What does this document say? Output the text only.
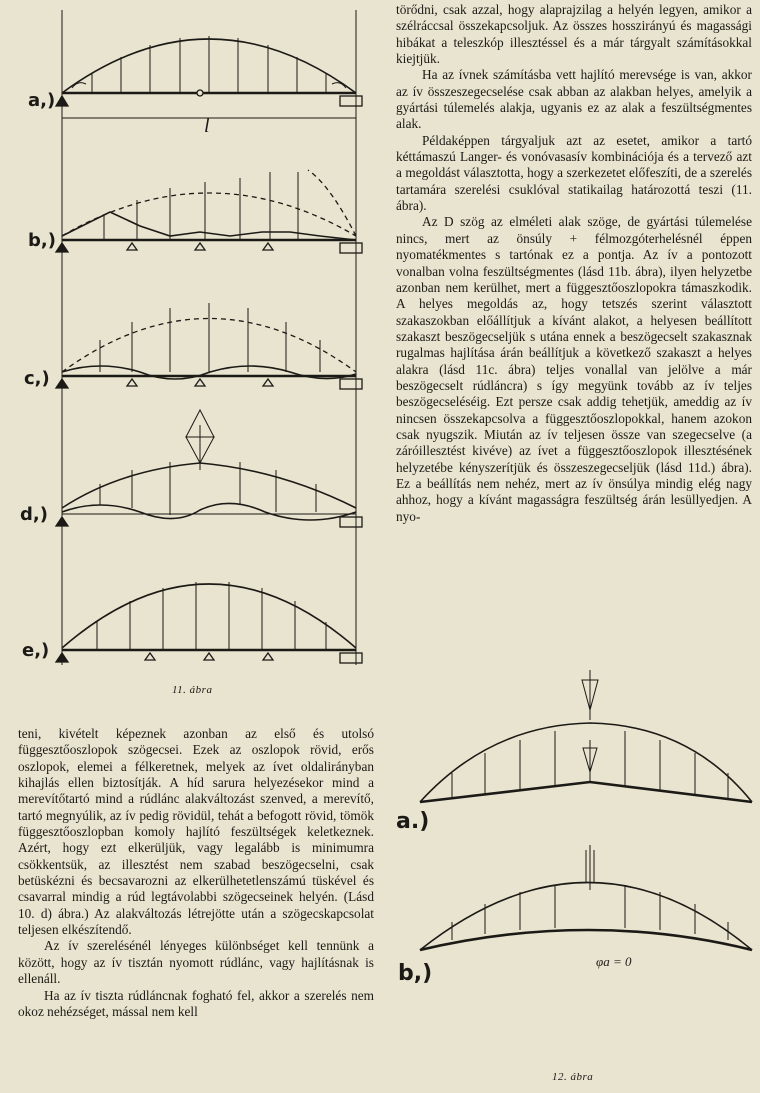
a,)
l
b,)
c,)
d,)
e,)
11. ábra

törődni, csak azzal, hogy alaprajzilag a helyén legyen, amikor a szélráccsal összekapcsoljuk. Az összes hosszirányú és magassági hibákat a teleszkóp illesztéssel és a már tárgyalt számításokkal kiejtjük.

Ha az ívnek számításba vett hajlító merevsége is van, akkor az ív összeszegecselése csak abban az alakban helyes, amelyik a gyártási túlemelés alakja, ugyanis ez az alak a feszültségmentes alak.

Példaképpen tárgyaljuk azt az esetet, amikor a tartó kéttámaszú Langer- és vonóvasasív kombinációja és a tervező azt a megoldást választotta, hogy a szerkezetet előfeszíti, de a szerelés tartamára szerelési csuklóval statikailag határozottá teszi (11. ábra).

Az D szög az elméleti alak szöge, de gyártási túlemelése nincs, mert az önsúly + félmozgóterhelésnél éppen nyomatékmentes s tartónak ez a pontja. Az ív a pontozott vonalban volna feszültségmentes (lásd 11b. ábra), ilyen helyzetbe azonban nem kerülhet, mert a függesztőoszlopokra támaszkodik. A helyes megoldás az, hogy tetszés szerint választott szakaszokban előállítjuk a kívánt alakot, a helyesen beállított szakaszt beszögecseljük s utána ennek a beszögecselt szakasznak rugalmas hajlítása árán beállítjuk a következő szakaszt a helyes alakra (lásd 11c. ábra) teljes vonallal van jelölve a már beszögecselt rúdláncra) s így megyünk tovább az ív teljes beszögecseléséig. Ezt persze csak addig tehetjük, ameddig az ív nincsen összekapcsolva a függesztőoszlopokkal, hanem azokon csak nyugszik. Miután az ív teljesen össze van szegecselve (a záróillesztést kivéve) az ívet a függesztőoszlopok illesztésének helyzetébe kényszerítjük és összeszegecseljük (lásd 11d.) ábra). Ez a beállítás nem nehéz, mert az ív önsúlya mindig elég nagy ahhoz, hogy a kívánt magasságra feszültség árán lesüllyedjen. A nyo-

teni, kivételt képeznek azonban az első és utolsó függesztőoszlopok szögecsei. Ezek az oszlopok rövid, erős oszlopok, elemei a félkeretnek, melyek az ívet oldalirányban kihajlás ellen biztosítják. A híd sarura helyezésekor mind a merevítőtartó mind a rúdlánc alakváltozást szenved, a merevítő, tartó megnyúlik, az ív pedig rövidül, tehát a befogott rövid, tömök függesztőoszlopban komoly hajlító feszültségek keletkeznek. Azért, hogy ezt elkerüljük, vagy legalább is minimumra csökkentsük, az illesztést nem szabad beszögecselni, csak betüskézni és becsavarozni az elkerülhetetlenszámú tüskével és csavarral mindig a rúd legtávolabbi szögecseinek helyén. (Lásd 10. d) ábra.) Az alakváltozás létrejötte után a szögecskapcsolat teljesen elkészítendő.

Az ív szerelésénél lényeges különbséget kell tennünk a között, hogy az ív tisztán nyomott rúdlánc, vagy hajlításnak is ellenáll.

Ha az ív tiszta rúdláncnak fogható fel, akkor a szerelés nem okoz nehézséget, mással nem kell

a.)
b,)	φa = 0
12. ábra
